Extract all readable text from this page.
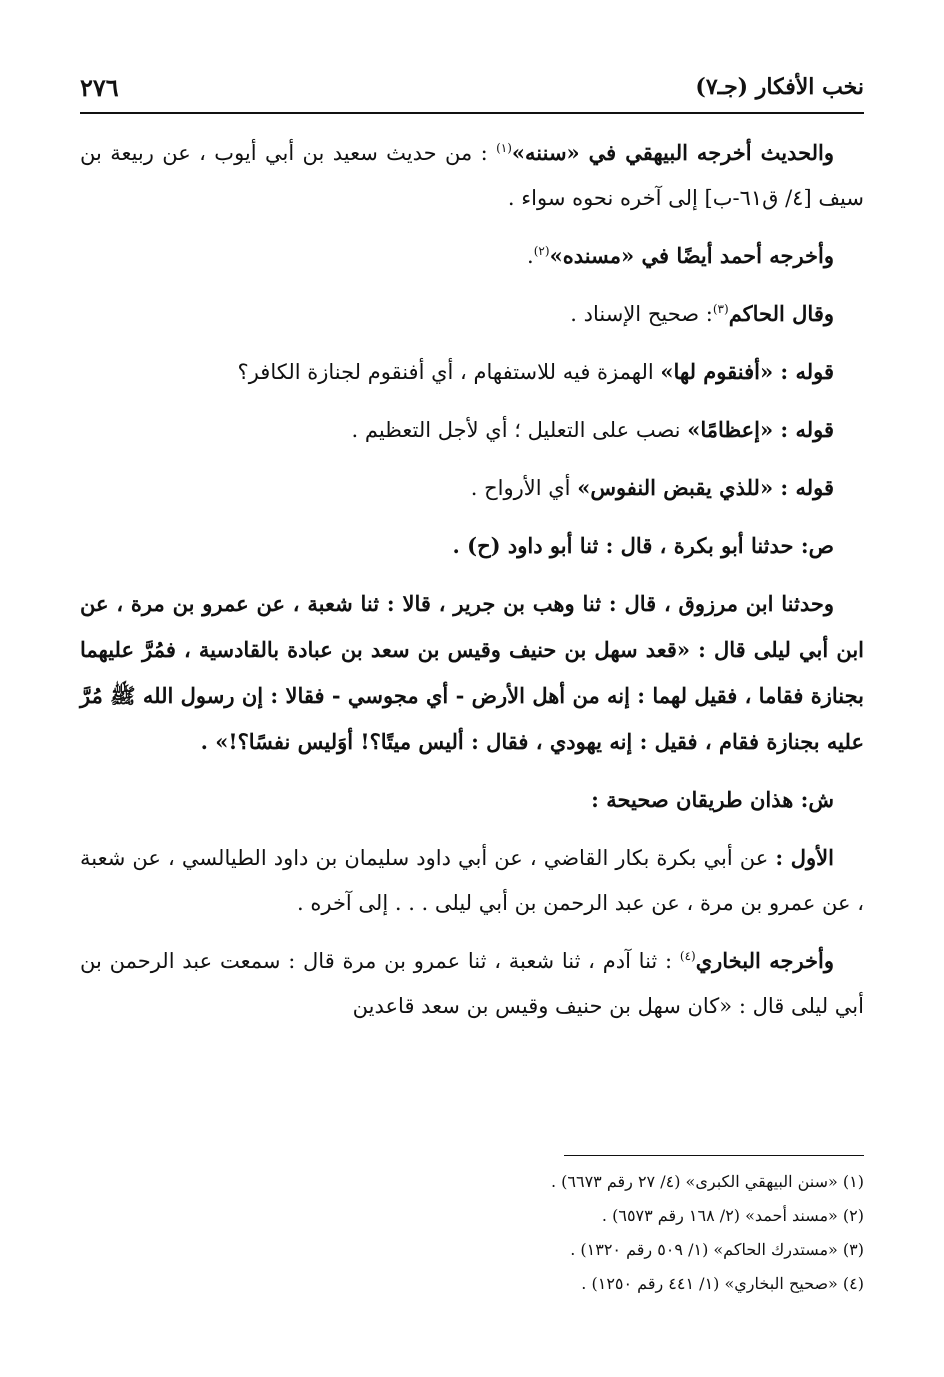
نخب الأفكار (جـ٧)
٢٧٦

والحديث أخرجه البيهقي في «سننه»$^{(١)}$ : من حديث سعيد بن أبي أيوب ، عن ربيعة بن سيف [٤/ ق٦١-ب] إلى آخره نحوه سواء .

وأخرجه أحمد أيضًا في «مسنده»$^{(٢)}$.

وقال الحاكم$^{(٣)}$: صحيح الإسناد .

قوله : «أفنقوم لها» الهمزة فيه للاستفهام ، أي أفنقوم لجنازة الكافر؟

قوله : «إعظامًا» نصب على التعليل ؛ أي لأجل التعظيم .

قوله : «للذي يقبض النفوس» أي الأرواح .

ص: حدثنا أبو بكرة ، قال : ثنا أبو داود (ح) .

وحدثنا ابن مرزوق ، قال : ثنا وهب بن جرير ، قالا : ثنا شعبة ، عن عمرو بن مرة ، عن ابن أبي ليلى قال : «قعد سهل بن حنيف وقيس بن سعد بن عبادة بالقادسية ، فمُرَّ عليهما بجنازة فقاما ، فقيل لهما : إنه من أهل الأرض - أي مجوسي - فقالا : إن رسول الله ﷺ مُرَّ عليه بجنازة فقام ، فقيل : إنه يهودي ، فقال : أليس ميتًا؟! أوَليس نفسًا؟!» .

ش: هذان طريقان صحيحة :

الأول : عن أبي بكرة بكار القاضي ، عن أبي داود سليمان بن داود الطيالسي ، عن شعبة ، عن عمرو بن مرة ، عن عبد الرحمن بن أبي ليلى . . . إلى آخره .

وأخرجه البخاري$^{(٤)}$ : ثنا آدم ، ثنا شعبة ، ثنا عمرو بن مرة قال : سمعت عبد الرحمن بن أبي ليلى قال : «كان سهل بن حنيف وقيس بن سعد قاعدين

(١) «سنن البيهقي الكبرى» (٤/ ٢٧ رقم ٦٦٧٣) .

(٢) «مسند أحمد» (٢/ ١٦٨ رقم ٦٥٧٣) .

(٣) «مستدرك الحاكم» (١/ ٥٠٩ رقم ١٣٢٠) .

(٤) «صحيح البخاري» (١/ ٤٤١ رقم ١٢٥٠) .
